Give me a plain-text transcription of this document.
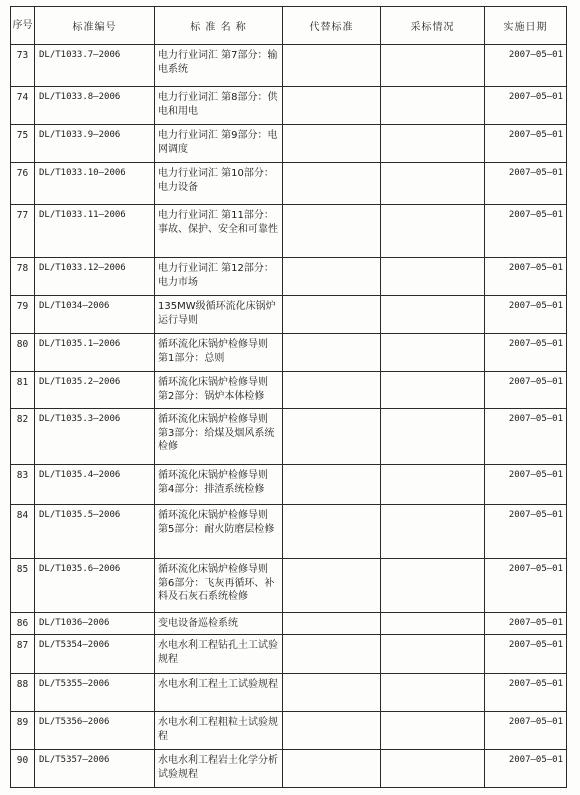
序号	标准编号	标 准 名 称	代替标准	采标情况	实施日期
73	DL/T1033.7—2006	电力行业词汇 第7部分：输电系统			2007—05—01
74	DL/T1033.8—2006	电力行业词汇 第8部分：供电和用电			2007—05—01
75	DL/T1033.9—2006	电力行业词汇 第9部分：电网调度			2007—05—01
76	DL/T1033.10—2006	电力行业词汇 第10部分：电力设备			2007—05—01
77	DL/T1033.11—2006	电力行业词汇 第11部分：事故、保护、安全和可靠性			2007—05—01
78	DL/T1033.12—2006	电力行业词汇 第12部分：电力市场			2007—05—01
79	DL/T1034—2006	135MW级循环流化床锅炉运行导则			2007—05—01
80	DL/T1035.1—2006	循环流化床锅炉检修导则 第1部分：总则			2007—05—01
81	DL/T1035.2—2006	循环流化床锅炉检修导则 第2部分：锅炉本体检修			2007—05—01
82	DL/T1035.3—2006	循环流化床锅炉检修导则 第3部分：给煤及烟风系统检修			2007—05—01
83	DL/T1035.4—2006	循环流化床锅炉检修导则 第4部分：排渣系统检修			2007—05—01
84	DL/T1035.5—2006	循环流化床锅炉检修导则 第5部分：耐火防磨层检修			2007—05—01
85	DL/T1035.6—2006	循环流化床锅炉检修导则 第6部分：飞灰再循环、补料及石灰石系统检修			2007—05—01
86	DL/T1036—2006	变电设备巡检系统			2007—05—01
87	DL/T5354—2006	水电水利工程钻孔土工试验规程			2007—05—01
88	DL/T5355—2006	水电水利工程土工试验规程			2007—05—01
89	DL/T5356—2006	水电水利工程粗粒土试验规程			2007—05—01
90	DL/T5357—2006	水电水利工程岩土化学分析试验规程			2007—05—01
